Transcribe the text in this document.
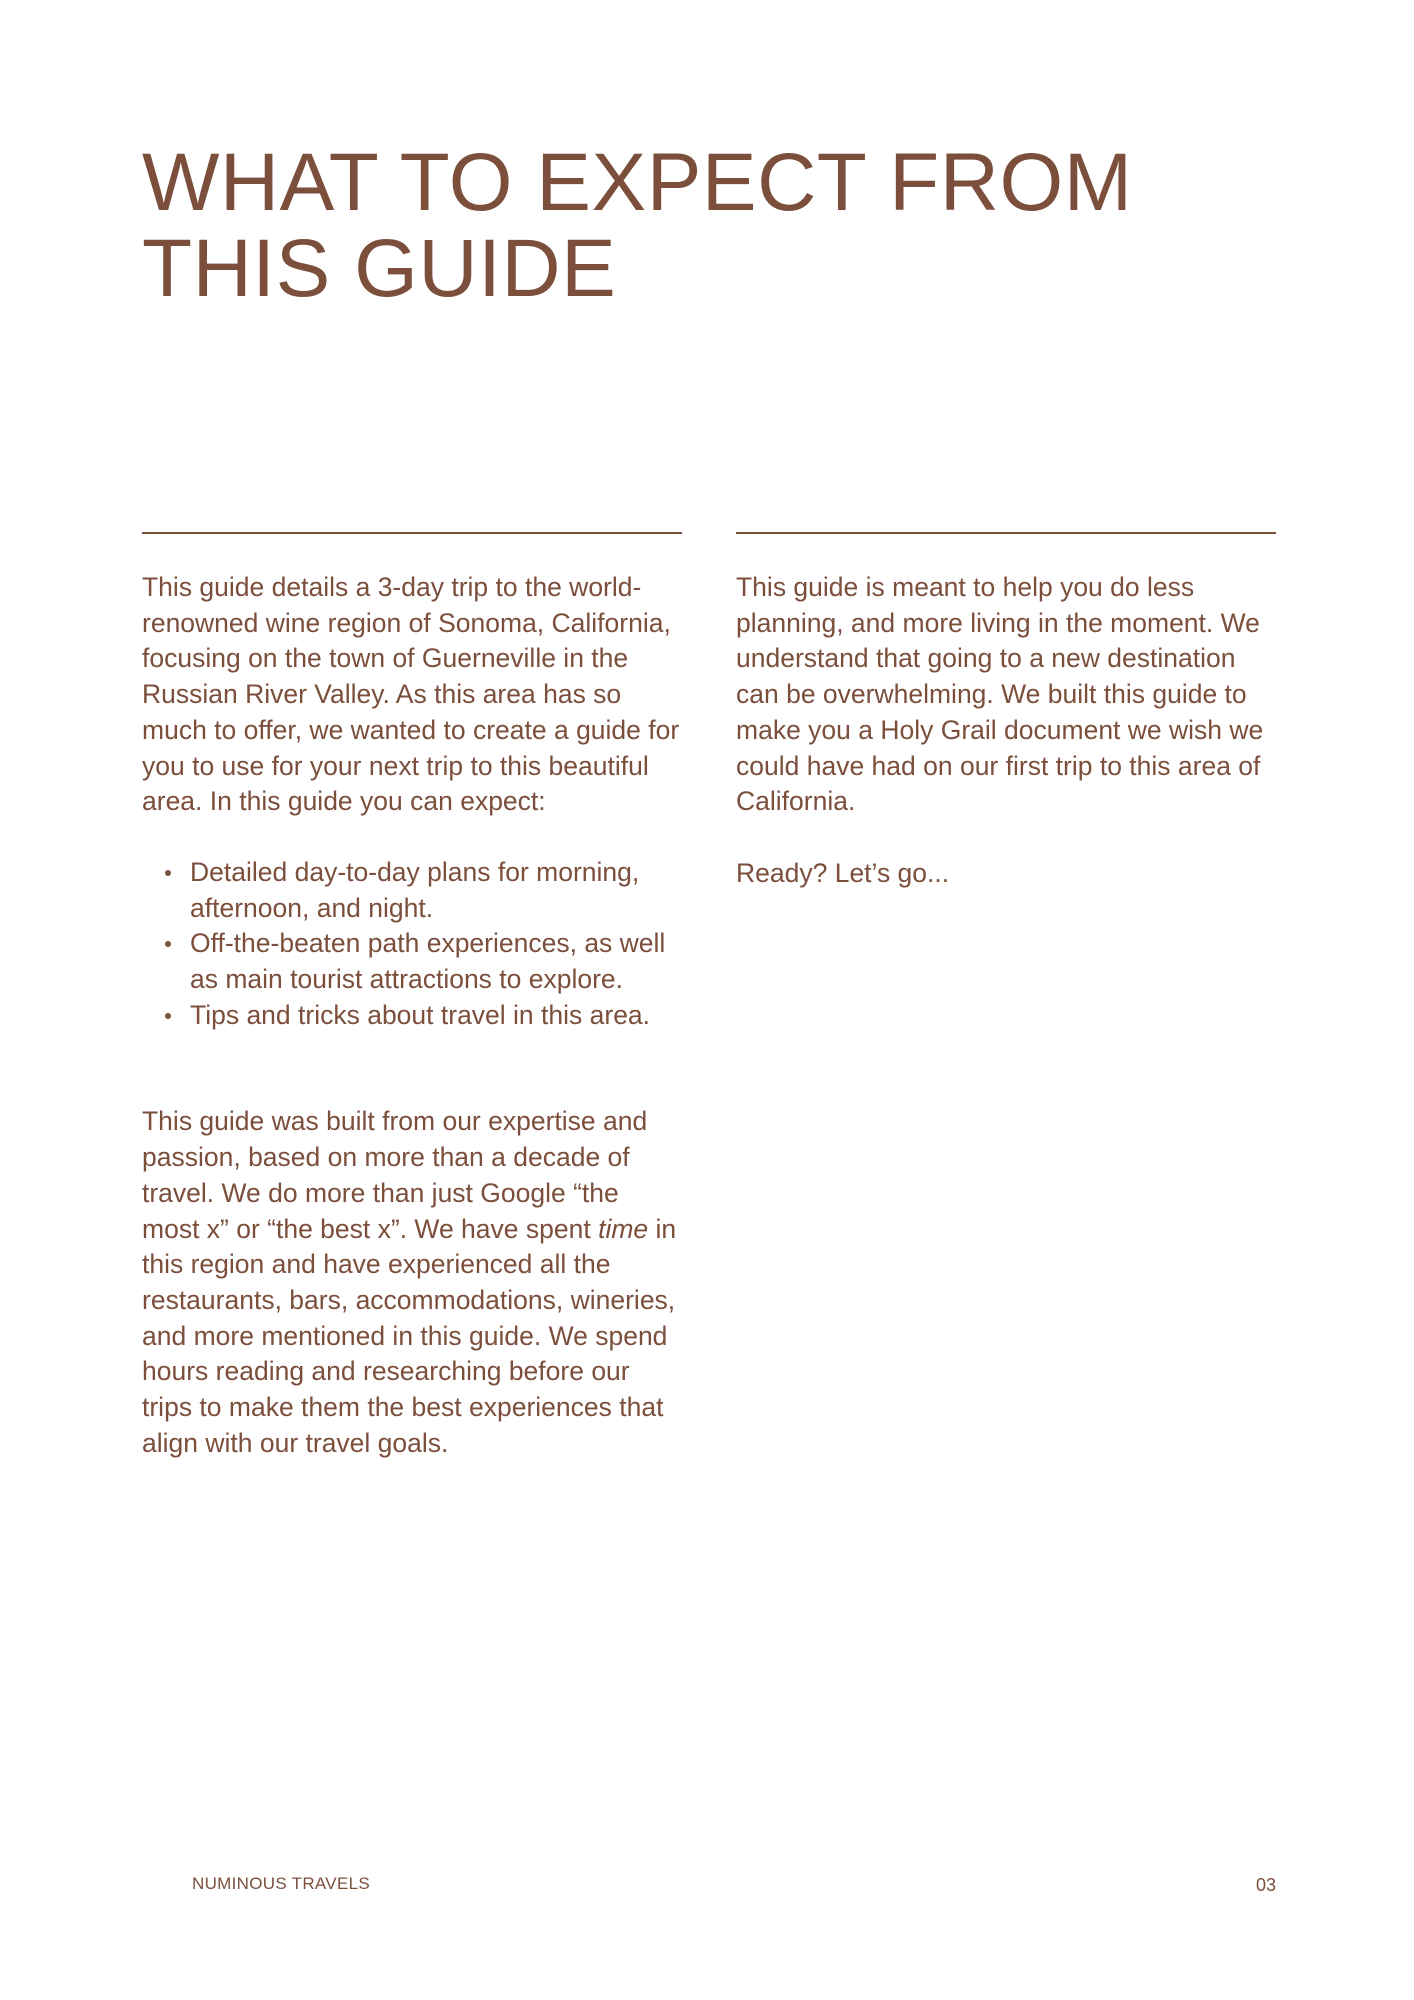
WHAT TO EXPECT FROM
THIS GUIDE

This guide details a 3-day trip to the world-renowned wine region of Sonoma, California, focusing on the town of Guerneville in the Russian River Valley. As this area has so much to offer, we wanted to create a guide for you to use for your next trip to this beautiful area. In this guide you can expect:

Detailed day-to-day plans for morning, afternoon, and night.
Off-the-beaten path experiences, as well as main tourist attractions to explore.
Tips and tricks about travel in this area.

This guide was built from our expertise and passion, based on more than a decade of travel. We do more than just Google “the most x” or “the best x”. We have spent time in this region and have experienced all the restaurants, bars, accommodations, wineries, and more mentioned in this guide. We spend hours reading and researching before our trips to make them the best experiences that align with our travel goals.

This guide is meant to help you do less planning, and more living in the moment. We understand that going to a new destination can be overwhelming. We built this guide to make you a Holy Grail document we wish we could have had on our first trip to this area of California.

Ready? Let’s go...

NUMINOUS TRAVELS	03
